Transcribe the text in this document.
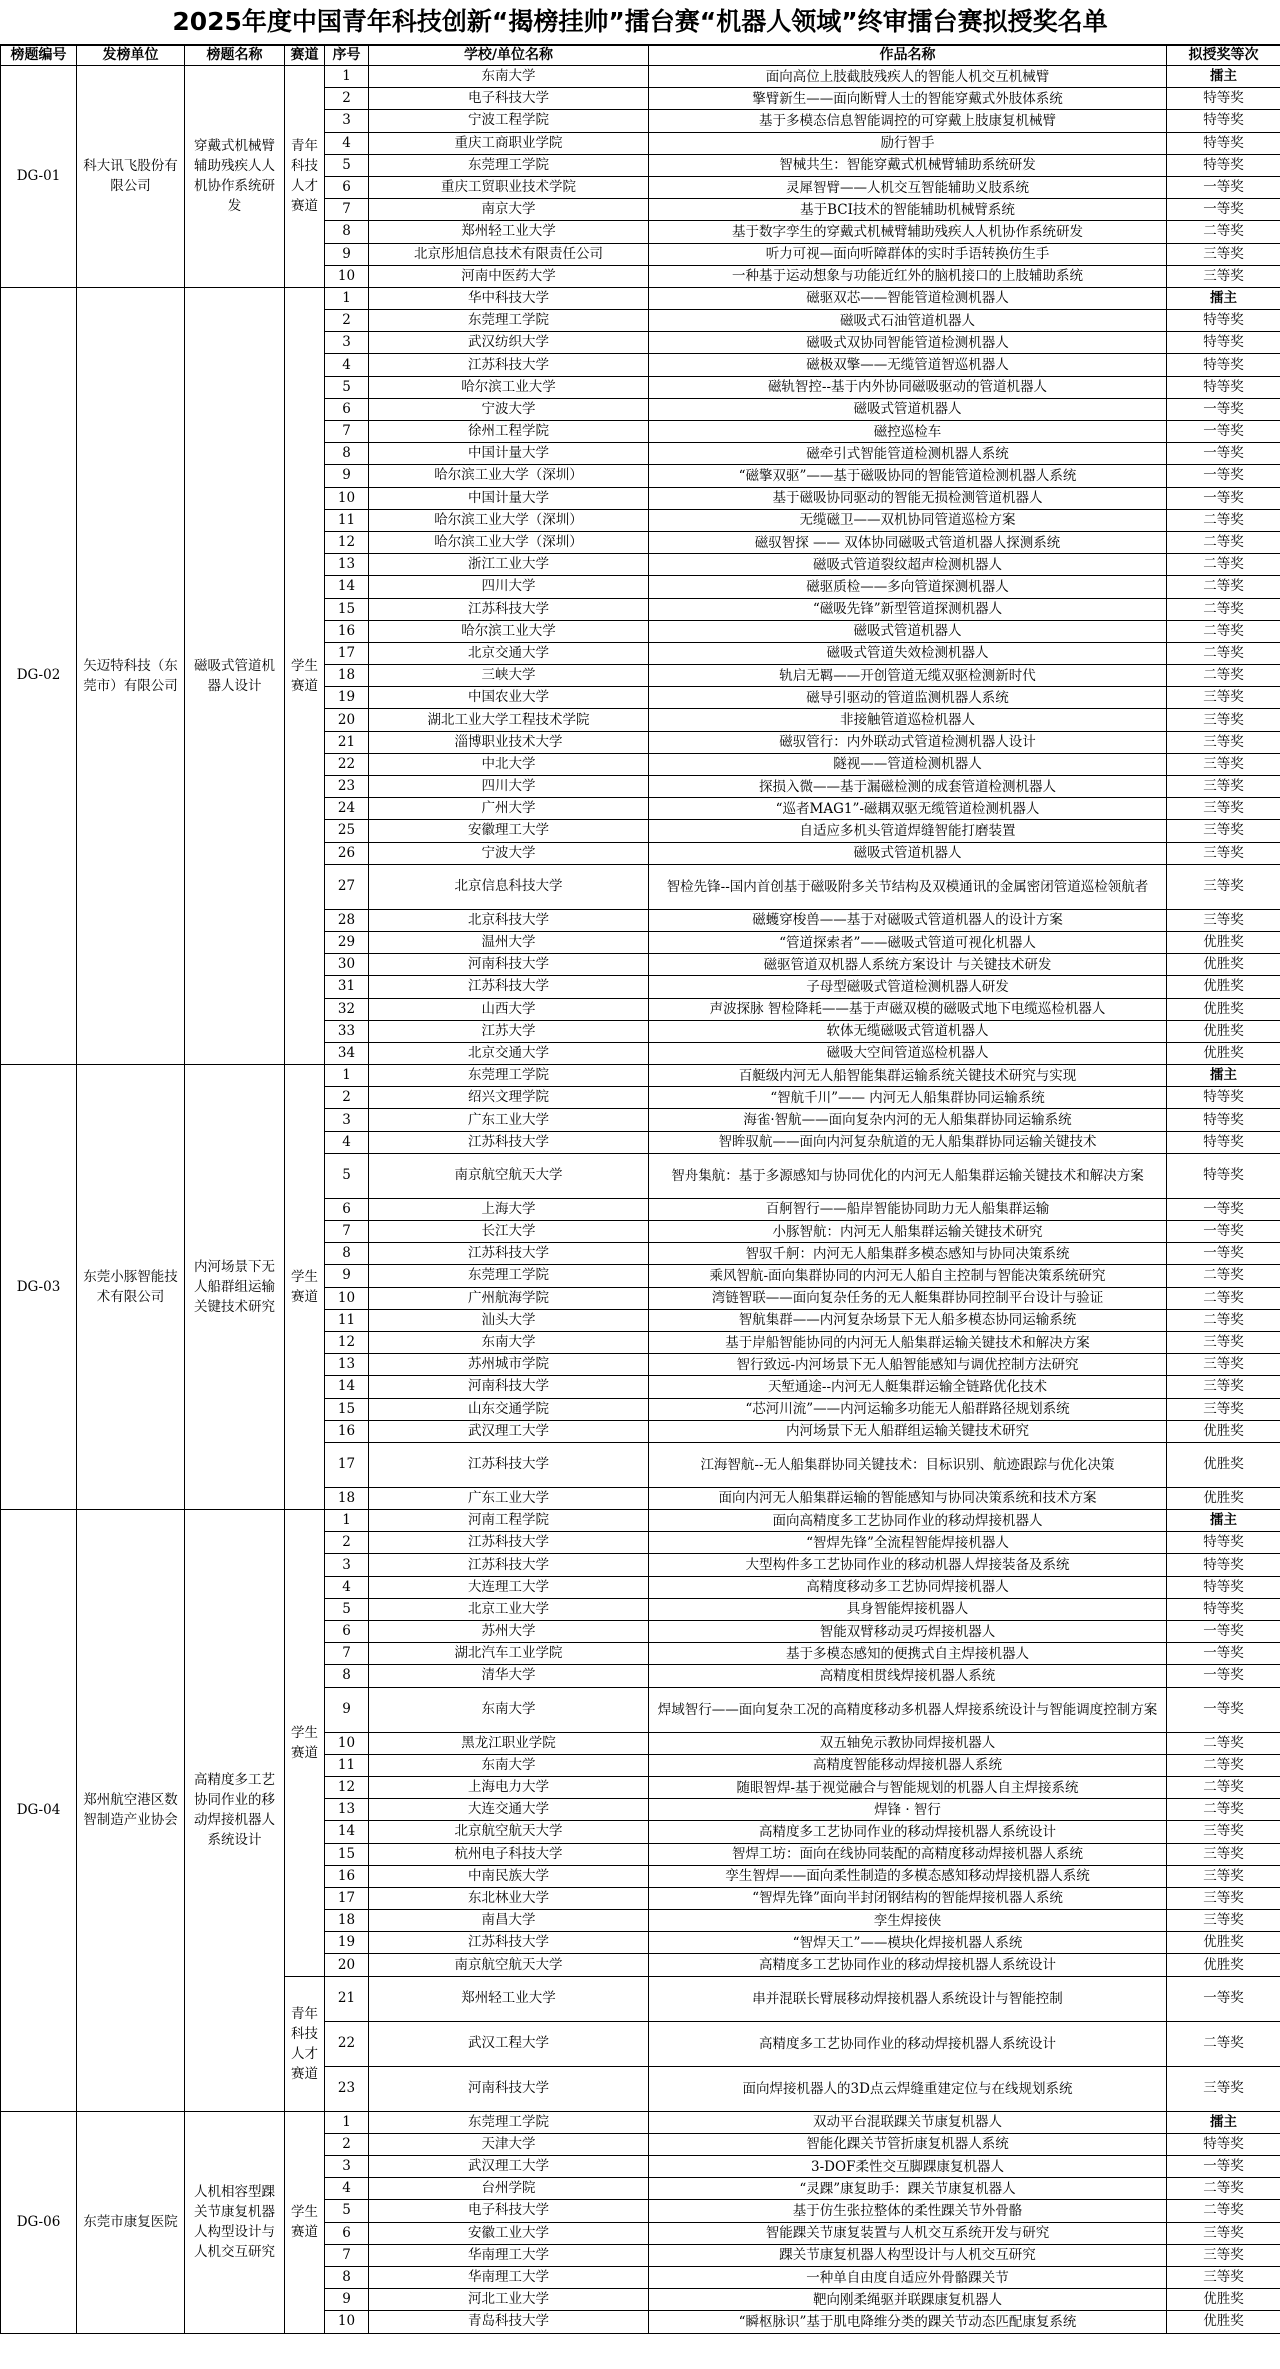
2025年度中国青年科技创新“揭榜挂帅”擂台赛“机器人领域”终审擂台赛拟授奖名单
榜题编号	发榜单位	榜题名称	赛道	序号	学校/单位名称	作品名称	拟授奖等次
DG-01	科大讯飞股份有限公司	穿戴式机械臂辅助残疾人人机协作系统研发	青年科技人才赛道	1	东南大学	面向高位上肢截肢残疾人的智能人机交互机械臂	擂主
				2	电子科技大学	擎臂新生——面向断臂人士的智能穿戴式外肢体系统	特等奖
				3	宁波工程学院	基于多模态信息智能调控的可穿戴上肢康复机械臂	特等奖
				4	重庆工商职业学院	励行智手	特等奖
				5	东莞理工学院	智械共生：智能穿戴式机械臂辅助系统研发	特等奖
				6	重庆工贸职业技术学院	灵犀智臂——人机交互智能辅助义肢系统	一等奖
				7	南京大学	基于BCI技术的智能辅助机械臂系统	一等奖
				8	郑州轻工业大学	基于数字孪生的穿戴式机械臂辅助残疾人人机协作系统研发	二等奖
				9	北京彤旭信息技术有限责任公司	听力可视—面向听障群体的实时手语转换仿生手	三等奖
				10	河南中医药大学	一种基于运动想象与功能近红外的脑机接口的上肢辅助系统	三等奖
DG-02	矢迈特科技（东莞市）有限公司	磁吸式管道机器人设计	学生赛道	1	华中科技大学	磁驱双芯——智能管道检测机器人	擂主
				2	东莞理工学院	磁吸式石油管道机器人	特等奖
				3	武汉纺织大学	磁吸式双协同智能管道检测机器人	特等奖
				4	江苏科技大学	磁极双擎——无缆管道智巡机器人	特等奖
				5	哈尔滨工业大学	磁轨智控--基于内外协同磁吸驱动的管道机器人	特等奖
				6	宁波大学	磁吸式管道机器人	一等奖
				7	徐州工程学院	磁控巡检车	一等奖
				8	中国计量大学	磁牵引式智能管道检测机器人系统	一等奖
				9	哈尔滨工业大学（深圳）	“磁擎双驱”——基于磁吸协同的智能管道检测机器人系统	一等奖
				10	中国计量大学	基于磁吸协同驱动的智能无损检测管道机器人	一等奖
				11	哈尔滨工业大学（深圳）	无缆磁卫——双机协同管道巡检方案	二等奖
				12	哈尔滨工业大学（深圳）	磁驭智探 —— 双体协同磁吸式管道机器人探测系统	二等奖
				13	浙江工业大学	磁吸式管道裂纹超声检测机器人	二等奖
				14	四川大学	磁驱质检——多向管道探测机器人	二等奖
				15	江苏科技大学	“磁吸先锋”新型管道探测机器人	二等奖
				16	哈尔滨工业大学	磁吸式管道机器人	二等奖
				17	北京交通大学	磁吸式管道失效检测机器人	二等奖
				18	三峡大学	轨启无羁——开创管道无缆双驱检测新时代	二等奖
				19	中国农业大学	磁导引驱动的管道监测机器人系统	三等奖
				20	湖北工业大学工程技术学院	非接触管道巡检机器人	三等奖
				21	淄博职业技术大学	磁驭管行：内外联动式管道检测机器人设计	三等奖
				22	中北大学	隧视——管道检测机器人	三等奖
				23	四川大学	探损入微——基于漏磁检测的成套管道检测机器人	三等奖
				24	广州大学	“巡者MAG1”-磁耦双驱无缆管道检测机器人	三等奖
				25	安徽理工大学	自适应多机头管道焊缝智能打磨装置	三等奖
				26	宁波大学	磁吸式管道机器人	三等奖
				27	北京信息科技大学	智检先锋--国内首创基于磁吸附多关节结构及双模通讯的金属密闭管道巡检领航者	三等奖
				28	北京科技大学	磁蠖穿梭兽——基于对磁吸式管道机器人的设计方案	三等奖
				29	温州大学	“管道探索者”——磁吸式管道可视化机器人	优胜奖
				30	河南科技大学	磁驱管道双机器人系统方案设计 与关键技术研发	优胜奖
				31	江苏科技大学	子母型磁吸式管道检测机器人研发	优胜奖
				32	山西大学	声波探脉 智检降耗——基于声磁双模的磁吸式地下电缆巡检机器人	优胜奖
				33	江苏大学	软体无缆磁吸式管道机器人	优胜奖
				34	北京交通大学	磁吸大空间管道巡检机器人	优胜奖
DG-03	东莞小豚智能技术有限公司	内河场景下无人船群组运输关键技术研究	学生赛道	1	东莞理工学院	百艇级内河无人船智能集群运输系统关键技术研究与实现	擂主
				2	绍兴文理学院	“智航千川”—— 内河无人船集群协同运输系统	特等奖
				3	广东工业大学	海雀·智航——面向复杂内河的无人船集群协同运输系统	特等奖
				4	江苏科技大学	智眸驭航——面向内河复杂航道的无人船集群协同运输关键技术	特等奖
				5	南京航空航天大学	智舟集航：基于多源感知与协同优化的内河无人船集群运输关键技术和解决方案	特等奖
				6	上海大学	百舸智行——船岸智能协同助力无人船集群运输	一等奖
				7	长江大学	小豚智航：内河无人船集群运输关键技术研究	一等奖
				8	江苏科技大学	智驭千舸：内河无人船集群多模态感知与协同决策系统	一等奖
				9	东莞理工学院	乘风智航-面向集群协同的内河无人船自主控制与智能决策系统研究	二等奖
				10	广州航海学院	湾链智联——面向复杂任务的无人艇集群协同控制平台设计与验证	二等奖
				11	汕头大学	智航集群——内河复杂场景下无人船多模态协同运输系统	二等奖
				12	东南大学	基于岸船智能协同的内河无人船集群运输关键技术和解决方案	三等奖
				13	苏州城市学院	智行致远-内河场景下无人船智能感知与调优控制方法研究	三等奖
				14	河南科技大学	天堑通途--内河无人艇集群运输全链路优化技术	三等奖
				15	山东交通学院	“芯河川流”——内河运输多功能无人船群路径规划系统	三等奖
				16	武汉理工大学	内河场景下无人船群组运输关键技术研究	优胜奖
				17	江苏科技大学	江海智航--无人船集群协同关键技术：目标识别、航迹跟踪与优化决策	优胜奖
				18	广东工业大学	面向内河无人船集群运输的智能感知与协同决策系统和技术方案	优胜奖
DG-04	郑州航空港区数智制造产业协会	高精度多工艺协同作业的移动焊接机器人系统设计	学生赛道	1	河南工程学院	面向高精度多工艺协同作业的移动焊接机器人	擂主
				2	江苏科技大学	“智焊先锋”全流程智能焊接机器人	特等奖
				3	江苏科技大学	大型构件多工艺协同作业的移动机器人焊接装备及系统	特等奖
				4	大连理工大学	高精度移动多工艺协同焊接机器人	特等奖
				5	北京工业大学	具身智能焊接机器人	特等奖
				6	苏州大学	智能双臂移动灵巧焊接机器人	一等奖
				7	湖北汽车工业学院	基于多模态感知的便携式自主焊接机器人	一等奖
				8	清华大学	高精度相贯线焊接机器人系统	一等奖
				9	东南大学	焊域智行——面向复杂工况的高精度移动多机器人焊接系统设计与智能调度控制方案	一等奖
				10	黑龙江职业学院	双五轴免示教协同焊接机器人	二等奖
				11	东南大学	高精度智能移动焊接机器人系统	二等奖
				12	上海电力大学	随眼智焊-基于视觉融合与智能规划的机器人自主焊接系统	二等奖
				13	大连交通大学	焊锋 · 智行	二等奖
				14	北京航空航天大学	高精度多工艺协同作业的移动焊接机器人系统设计	三等奖
				15	杭州电子科技大学	智焊工坊：面向在线协同装配的高精度移动焊接机器人系统	三等奖
				16	中南民族大学	孪生智焊——面向柔性制造的多模态感知移动焊接机器人系统	三等奖
				17	东北林业大学	“智焊先锋”面向半封闭钢结构的智能焊接机器人系统	三等奖
				18	南昌大学	孪生焊接侠	三等奖
				19	江苏科技大学	“智焊天工”——模块化焊接机器人系统	优胜奖
				20	南京航空航天大学	高精度多工艺协同作业的移动焊接机器人系统设计	优胜奖
			青年科技人才赛道	21	郑州轻工业大学	串并混联长臂展移动焊接机器人系统设计与智能控制	一等奖
				22	武汉工程大学	高精度多工艺协同作业的移动焊接机器人系统设计	二等奖
				23	河南科技大学	面向焊接机器人的3D点云焊缝重建定位与在线规划系统	三等奖
DG-06	东莞市康复医院	人机相容型踝关节康复机器人构型设计与人机交互研究	学生赛道	1	东莞理工学院	双动平台混联踝关节康复机器人	擂主
				2	天津大学	智能化踝关节管折康复机器人系统	特等奖
				3	武汉理工大学	3-DOF柔性交互脚踝康复机器人	一等奖
				4	台州学院	“灵踝”康复助手：踝关节康复机器人	二等奖
				5	电子科技大学	基于仿生张拉整体的柔性踝关节外骨骼	二等奖
				6	安徽工业大学	智能踝关节康复装置与人机交互系统开发与研究	三等奖
				7	华南理工大学	踝关节康复机器人构型设计与人机交互研究	三等奖
				8	华南理工大学	一种单自由度自适应外骨骼踝关节	三等奖
				9	河北工业大学	靶向刚柔绳驱并联踝康复机器人	优胜奖
				10	青岛科技大学	“瞬枢脉识”基于肌电降维分类的踝关节动态匹配康复系统	优胜奖
